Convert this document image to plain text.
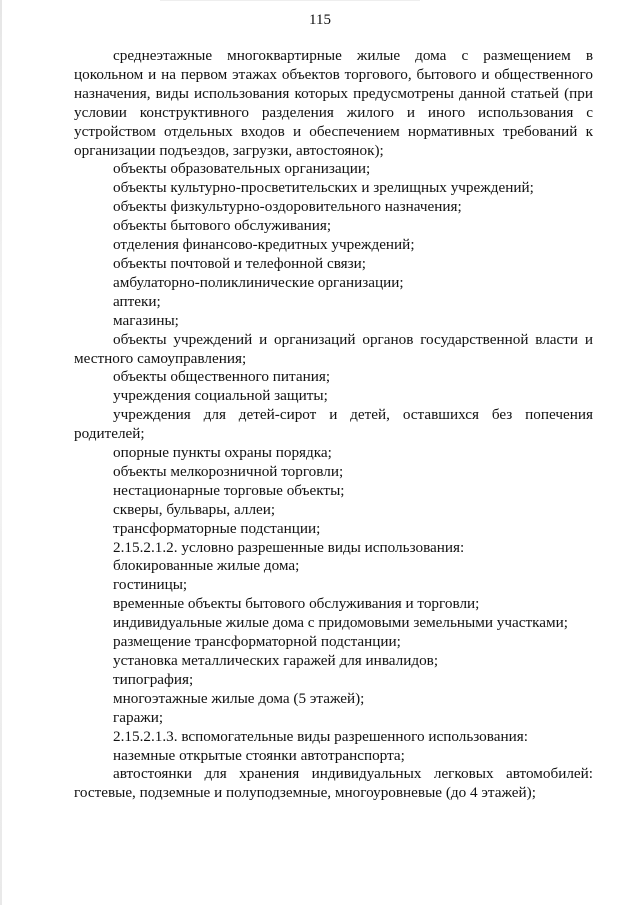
115

среднеэтажные многоквартирные жилые дома с размещением в цокольном и на первом этажах объектов торгового, бытового и общественного назначения, виды использования которых предусмотрены данной статьей (при условии конструктивного разделения жилого и иного использования с устройством отдельных входов и обеспечением нормативных требований к организации подъездов, загрузки, автостоянок);

объекты образовательных организации;

объекты культурно-просветительских и зрелищных учреждений;

объекты физкультурно-оздоровительного назначения;

объекты бытового обслуживания;

отделения финансово-кредитных учреждений;

объекты почтовой и телефонной связи;

амбулаторно-поликлинические организации;

аптеки;

магазины;

объекты учреждений и организаций органов государственной власти и местного самоуправления;

объекты общественного питания;

учреждения социальной защиты;

учреждения для детей-сирот и детей, оставшихся без попечения родителей;

опорные пункты охраны порядка;

объекты мелкорозничной торговли;

нестационарные торговые объекты;

скверы, бульвары, аллеи;

трансформаторные подстанции;

2.15.2.1.2. условно разрешенные виды использования:

блокированные жилые дома;

гостиницы;

временные объекты бытового обслуживания и торговли;

индивидуальные жилые дома с придомовыми земельными участками;

размещение трансформаторной подстанции;

установка металлических гаражей для инвалидов;

типография;

многоэтажные жилые дома (5 этажей);

гаражи;

2.15.2.1.3. вспомогательные виды разрешенного использования:

наземные открытые стоянки автотранспорта;

автостоянки для хранения индивидуальных легковых автомобилей: гостевые, подземные и полуподземные, многоуровневые (до 4 этажей);
